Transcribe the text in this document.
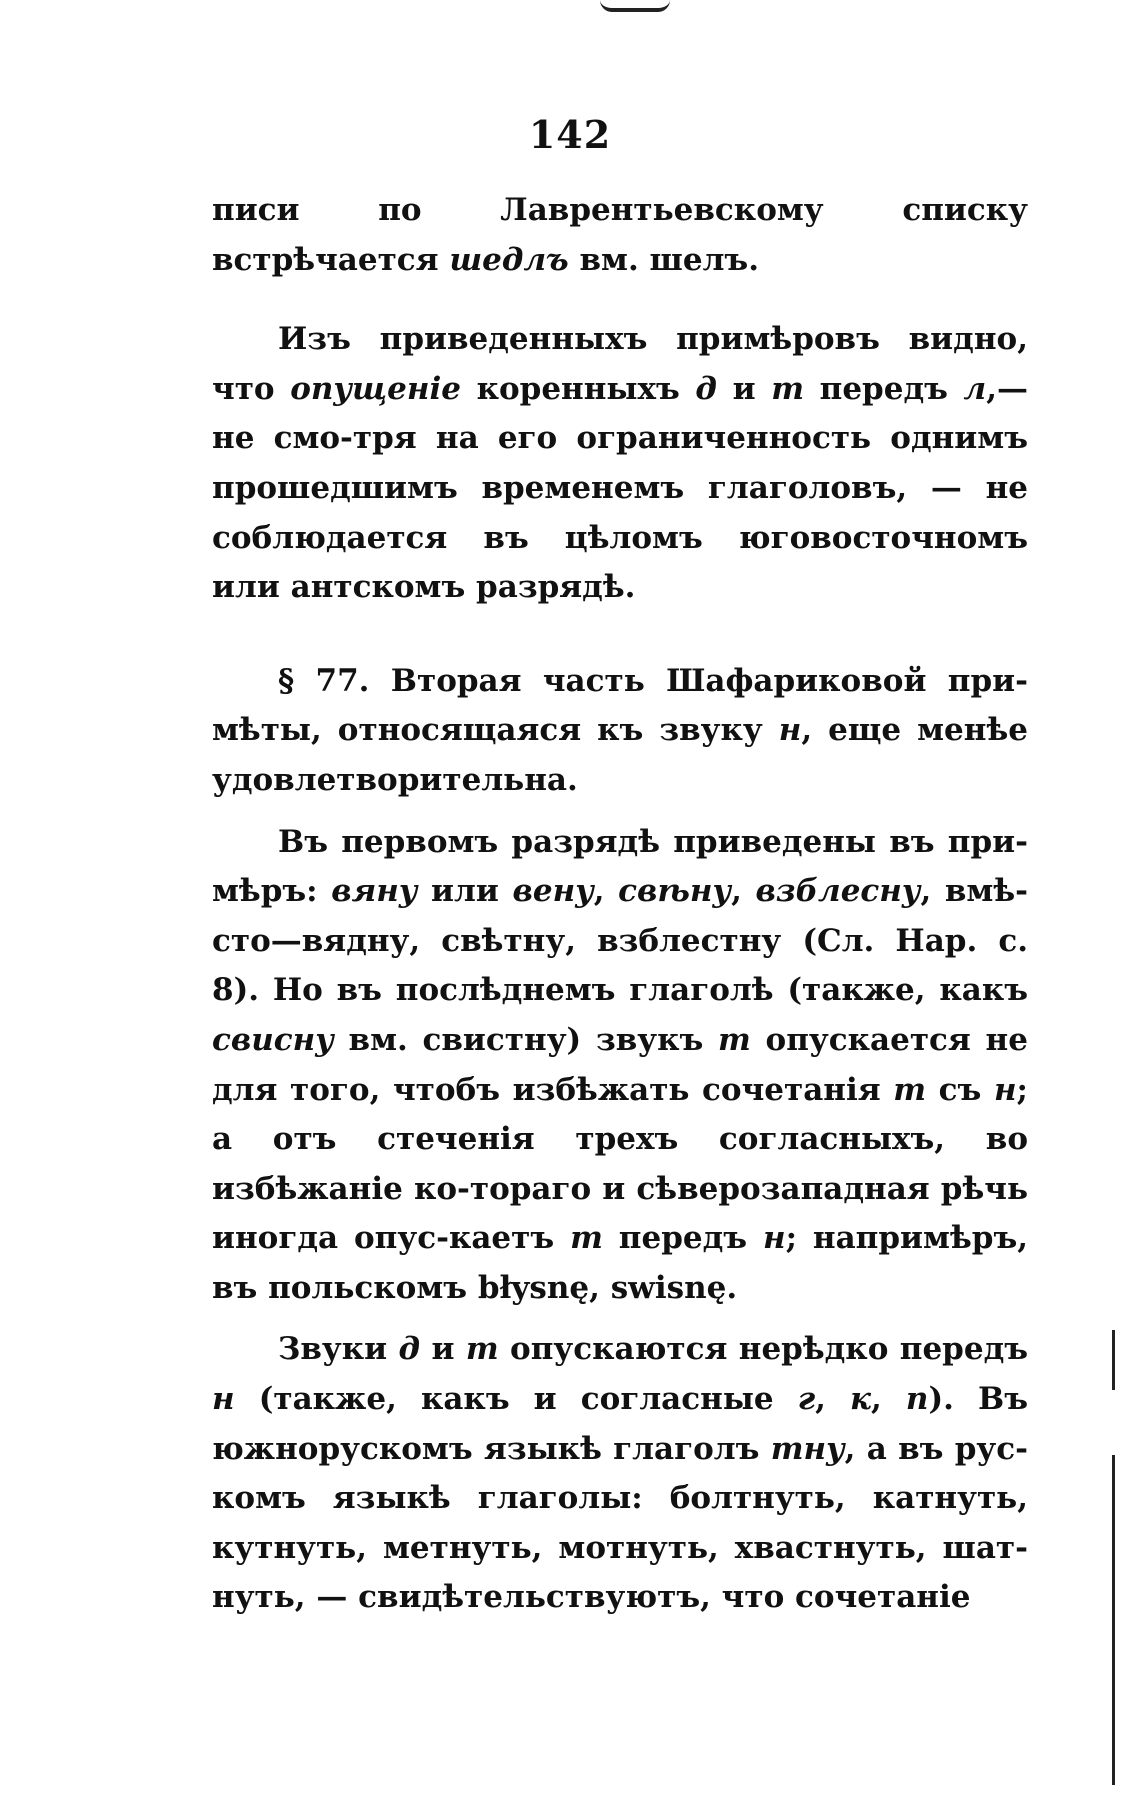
142

писи по Лаврентьевскому списку встрѣчается шедлъ вм. шелъ.

Изъ приведенныхъ примѣровъ видно, что опущеніе коренныхъ д и т передъ л,— не смо-тря на его ограниченность однимъ прошедшимъ временемъ глаголовъ, — не соблюдается въ цѣломъ юговосточномъ или антскомъ разрядѣ.

§ 77. Вторая часть Шафариковой при-мѣты, относящаяся къ звуку н, еще менѣе удовлетворительна.

Въ первомъ разрядѣ приведены въ при-мѣръ: вяну или вену, свѣну, взблесну, вмѣ-сто—вядну, свѣтну, взблестну (Сл. Нар. с. 8). Но въ послѣднемъ глаголѣ (также, какъ свисну вм. свистну) звукъ т опускается не для того, чтобъ избѣжать сочетанія т съ н; а отъ стеченія трехъ согласныхъ, во избѣжаніе ко-тораго и сѣверозападная рѣчь иногда опус-каетъ т передъ н; напримѣръ, въ польскомъ błysnę, swisnę.

Звуки д и т опускаются нерѣдко передъ н (также, какъ и согласные г, к, п). Въ южнорускомъ языкѣ глаголъ тну, а въ рус-комъ языкѣ глаголы: болтнуть, катнуть, кутнуть, метнуть, мотнуть, хвастнуть, шат-нуть, — свидѣтельствуютъ, что сочетаніе
